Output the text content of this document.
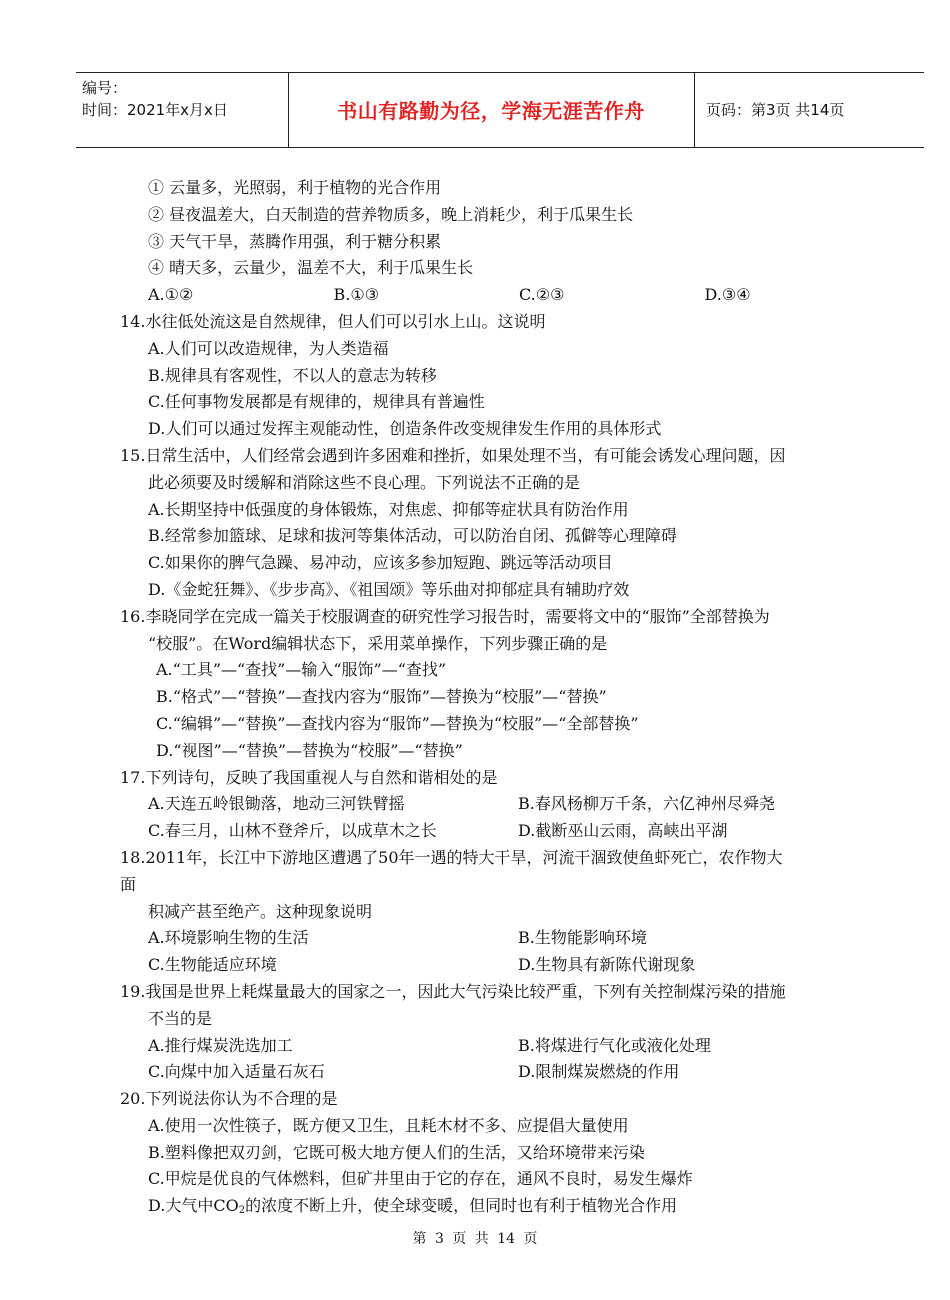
编号：
时间：2021年x月x日	书山有路勤为径，学海无涯苦作舟	页码：第3页 共14页
① 云量多，光照弱，利于植物的光合作用
② 昼夜温差大，白天制造的营养物质多，晚上消耗少，利于瓜果生长
③ 天气干旱，蒸腾作用强，利于糖分积累
④ 晴天多，云量少，温差不大，利于瓜果生长
A.①②	B.①③	C.②③	D.③④
14.水往低处流这是自然规律，但人们可以引水上山。这说明
A.人们可以改造规律，为人类造福
B.规律具有客观性，不以人的意志为转移
C.任何事物发展都是有规律的，规律具有普遍性
D.人们可以通过发挥主观能动性，创造条件改变规律发生作用的具体形式
15.日常生活中，人们经常会遇到许多困难和挫折，如果处理不当，有可能会诱发心理问题，因
此必须要及时缓解和消除这些不良心理。下列说法不正确的是
A.长期坚持中低强度的身体锻炼，对焦虑、抑郁等症状具有防治作用
B.经常参加篮球、足球和拔河等集体活动，可以防治自闭、孤僻等心理障碍
C.如果你的脾气急躁、易冲动，应该多参加短跑、跳远等活动项目
D.《金蛇狂舞》、《步步高》、《祖国颂》等乐曲对抑郁症具有辅助疗效
16.李晓同学在完成一篇关于校服调查的研究性学习报告时，需要将文中的“服饰”全部替换为
“校服”。在Word编辑状态下，采用菜单操作，下列步骤正确的是
A.“工具”—“查找”—输入“服饰”—“查找”
B.“格式”—“替换”—查找内容为“服饰”—替换为“校服”—“替换”
C.“编辑”—“替换”—查找内容为“服饰”—替换为“校服”—“全部替换”
D.“视图”—“替换”—替换为“校服”—“替换”
17.下列诗句，反映了我国重视人与自然和谐相处的是
A.天连五岭银锄落，地动三河铁臂摇	B.春风杨柳万千条，六亿神州尽舜尧
C.春三月，山林不登斧斤，以成草木之长	D.截断巫山云雨，高峡出平湖
18.2011年，长江中下游地区遭遇了50年一遇的特大干旱，河流干涸致使鱼虾死亡，农作物大
面
积减产甚至绝产。这种现象说明
A.环境影响生物的生活	B.生物能影响环境
C.生物能适应环境	D.生物具有新陈代谢现象
19.我国是世界上耗煤量最大的国家之一，因此大气污染比较严重，下列有关控制煤污染的措施
不当的是
A.推行煤炭洗选加工	B.将煤进行气化或液化处理
C.向煤中加入适量石灰石	D.限制煤炭燃烧的作用
20.下列说法你认为不合理的是
A.使用一次性筷子，既方便又卫生，且耗木材不多、应提倡大量使用
B.塑料像把双刃剑，它既可极大地方便人们的生活，又给环境带来污染
C.甲烷是优良的气体燃料，但矿井里由于它的存在，通风不良时，易发生爆炸
D.大气中$CO_2$的浓度不断上升，使全球变暖，但同时也有利于植物光合作用
第 3 页 共 14 页
